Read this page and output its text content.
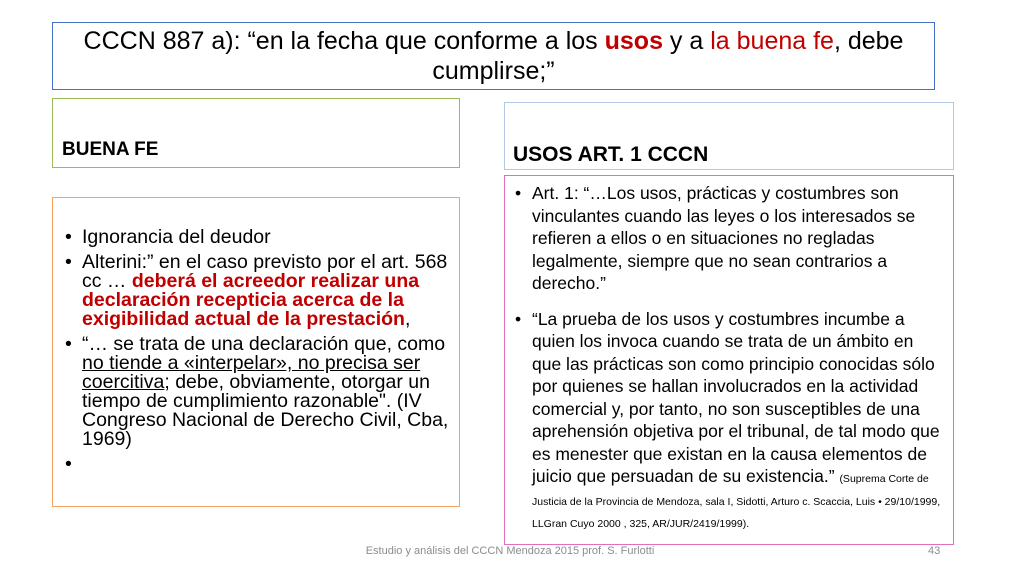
CCCN 887 a): “en la fecha que conforme a los usos y a la buena fe, debe cumplirse;”
BUENA FE	USOS ART. 1 CCCN
• Ignorancia del deudor
• Alterini:” en el caso previsto por el art. 568 cc … deberá el acreedor realizar una declaración recepticia acerca de la exigibilidad actual de la prestación,
• “… se trata de una declaración que, como no tiende a «interpelar», no precisa ser coercitiva; debe, obviamente, otorgar un tiempo de cumplimiento razonable". (IV Congreso Nacional de Derecho Civil, Cba, 1969)
•
• Art. 1: “…Los usos, prácticas y costumbres son vinculantes cuando las leyes o los interesados se refieren a ellos o en situaciones no regladas legalmente, siempre que no sean contrarios a derecho.”
• “La prueba de los usos y costumbres incumbe a quien los invoca cuando se trata de un ámbito en que las prácticas son como principio conocidas sólo por quienes se hallan involucrados en la actividad comercial y, por tanto, no son susceptibles de una aprehensión objetiva por el tribunal, de tal modo que es menester que existan en la causa elementos de juicio que persuadan de su existencia.” (Suprema Corte de Justicia de la Provincia de Mendoza, sala I, Sidotti, Arturo c. Scaccia, Luis • 29/10/1999, LLGran Cuyo 2000 , 325, AR/JUR/2419/1999).
Estudio y análisis del CCCN Mendoza 2015 prof. S. Furlotti	43
